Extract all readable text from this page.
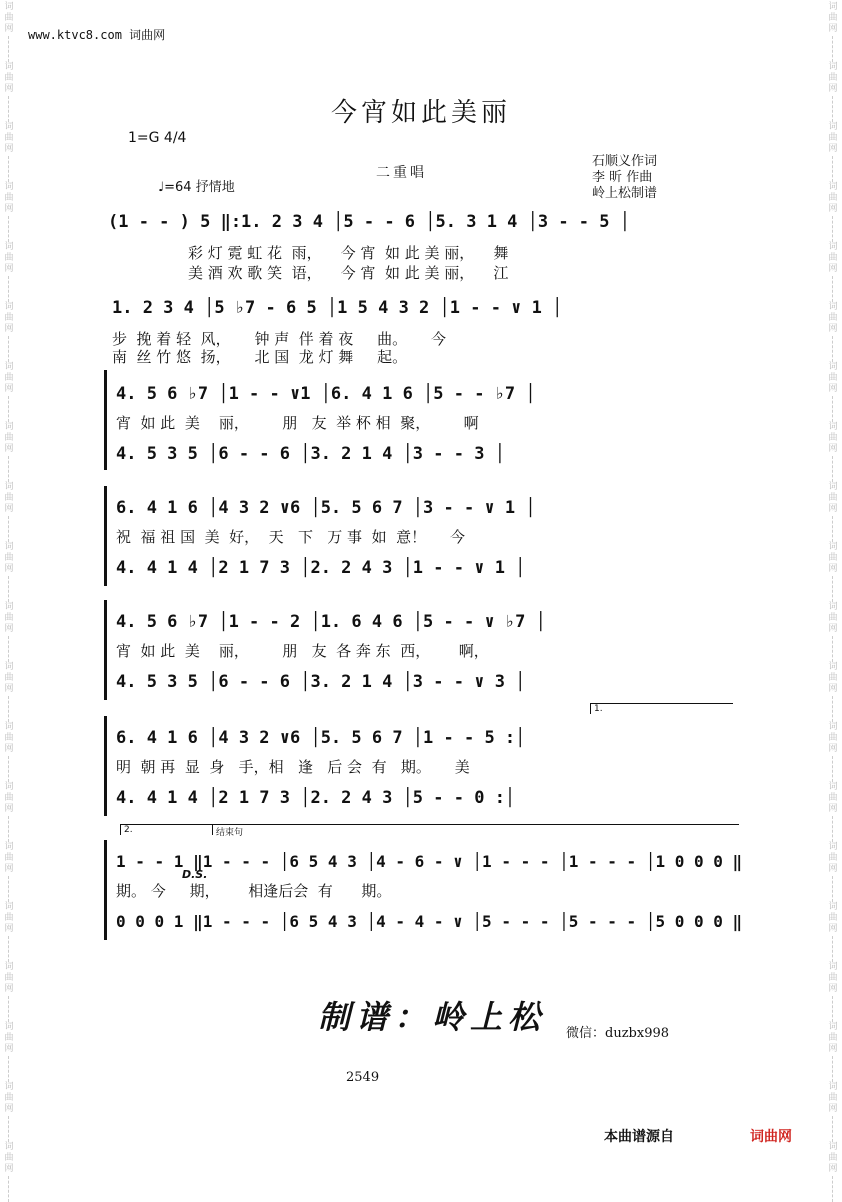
词
曲
网
词
曲
网
词
曲
网
词
曲
网
词
曲
网
词
曲
网
词
曲
网
词
曲
网
词
曲
网
词
曲
网
词
曲
网
词
曲
网
词
曲
网
词
曲
网
词
曲
网
词
曲
网
词
曲
网
词
曲
网
词
曲
网
词
曲
网
词
曲
网
词
曲
网
词
曲
网
词
曲
网
词
曲
网
词
曲
网
词
曲
网
词
曲
网
词
曲
网
词
曲
网
词
曲
网
词
曲
网
词
曲
网
词
曲
网
词
曲
网
词
曲
网
词
曲
网
词
曲
网
词
曲
网
词
曲
网
www.ktvc8.com 词曲网
今宵如此美丽
1=G 4/4
♩=64 抒情地
二重唱
石顺义作词
李 昕 作曲
岭上松制谱
(1 - - ) 5 ‖:1. 2 3 4 │5 - - 6 │5. 3 1 4 │3 - - 5 │
彩 灯 霓 虹 花  雨，    今 宵  如 此 美 丽，    舞
美 酒 欢 歌 笑  语，    今 宵  如 此 美 丽，    江
1. 2 3 4 │5 ♭7 - 6 5 │1 5 4 3 2 │1 - - ∨ 1 │
步  挽 着 轻  风，     钟 声  伴 着 夜     曲。     今
南  丝 竹 悠  扬，     北 国  龙 灯 舞     起。
4. 5 6 ♭7 │1 - - ∨1 │6. 4 1 6 │5 - - ♭7 │
宵  如 此  美    丽，       朋   友  举 杯 相  聚，       啊
4. 5 3 5 │6 - - 6 │3. 2 1 4 │3 - - 3 │
6. 4 1 6 │4 3 2 ∨6 │5. 5 6 7 │3 - - ∨ 1 │
祝  福 祖 国  美  好，  天   下   万 事  如  意！     今
4. 4 1 4 │2 1 7 3 │2. 2 4 3 │1 - - ∨ 1 │
4. 5 6 ♭7 │1 - - 2 │1. 6 4 6 │5 - - ∨ ♭7 │
宵  如 此  美    丽，       朋   友  各 奔 东  西，      啊，
4. 5 3 5 │6 - - 6 │3. 2 1 4 │3 - - ∨ 3 │
1.
6. 4 1 6 │4 3 2 ∨6 │5. 5 6 7 │1 - - 5 :│
明  朝 再  显  身   手，相   逢   后 会  有   期。     美
4. 4 1 4 │2 1 7 3 │2. 2 4 3 │5 - - 0 :│
2.	结束句
1 - - 1 ‖1 - - - │6 5 4 3 │4 - 6 - ∨ │1 - - - │1 - - - │1 0 0 0 ‖
D.S.
期。 今     期，      相逢后会  有      期。
0 0 0 1 ‖1 - - - │6 5 4 3 │4 - 4 - ∨ │5 - - - │5 - - - │5 0 0 0 ‖
制谱：岭上松 微信：duzbx998
2549
本曲谱源自	词曲网
